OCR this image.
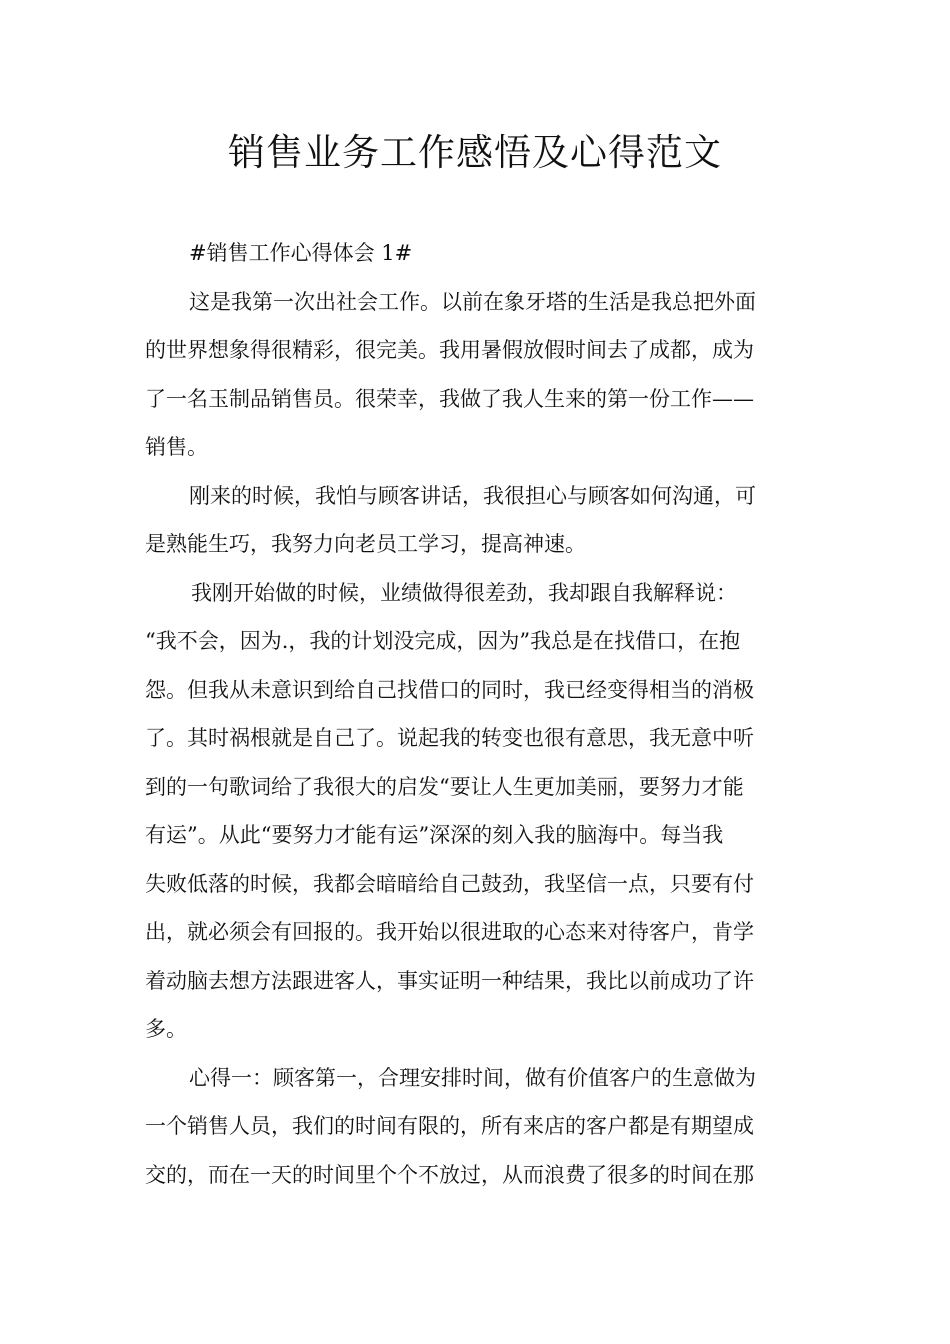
销售业务工作感悟及心得范文
#销售工作心得体会 1#
这是我第一次出社会工作。以前在象牙塔的生活是我总把外面
的世界想象得很精彩，很完美。我用暑假放假时间去了成都，成为
了一名玉制品销售员。很荣幸，我做了我人生来的第一份工作——
销售。
刚来的时候，我怕与顾客讲话，我很担心与顾客如何沟通，可
是熟能生巧，我努力向老员工学习，提高神速。
我刚开始做的时候，业绩做得很差劲，我却跟自我解释说：
“我不会，因为.，我的计划没完成，因为”我总是在找借口，在抱
怨。但我从未意识到给自己找借口的同时，我已经变得相当的消极
了。其时祸根就是自己了。说起我的转变也很有意思，我无意中听
到的一句歌词给了我很大的启发“要让人生更加美丽，要努力才能
有运”。从此“要努力才能有运”深深的刻入我的脑海中。每当我
失败低落的时候，我都会暗暗给自己鼓劲，我坚信一点，只要有付
出，就必须会有回报的。我开始以很进取的心态来对待客户，肯学
着动脑去想方法跟进客人，事实证明一种结果，我比以前成功了许
多。
心得一：顾客第一，合理安排时间，做有价值客户的生意做为
一个销售人员，我们的时间有限的，所有来店的客户都是有期望成
交的，而在一天的时间里个个不放过，从而浪费了很多的时间在那
